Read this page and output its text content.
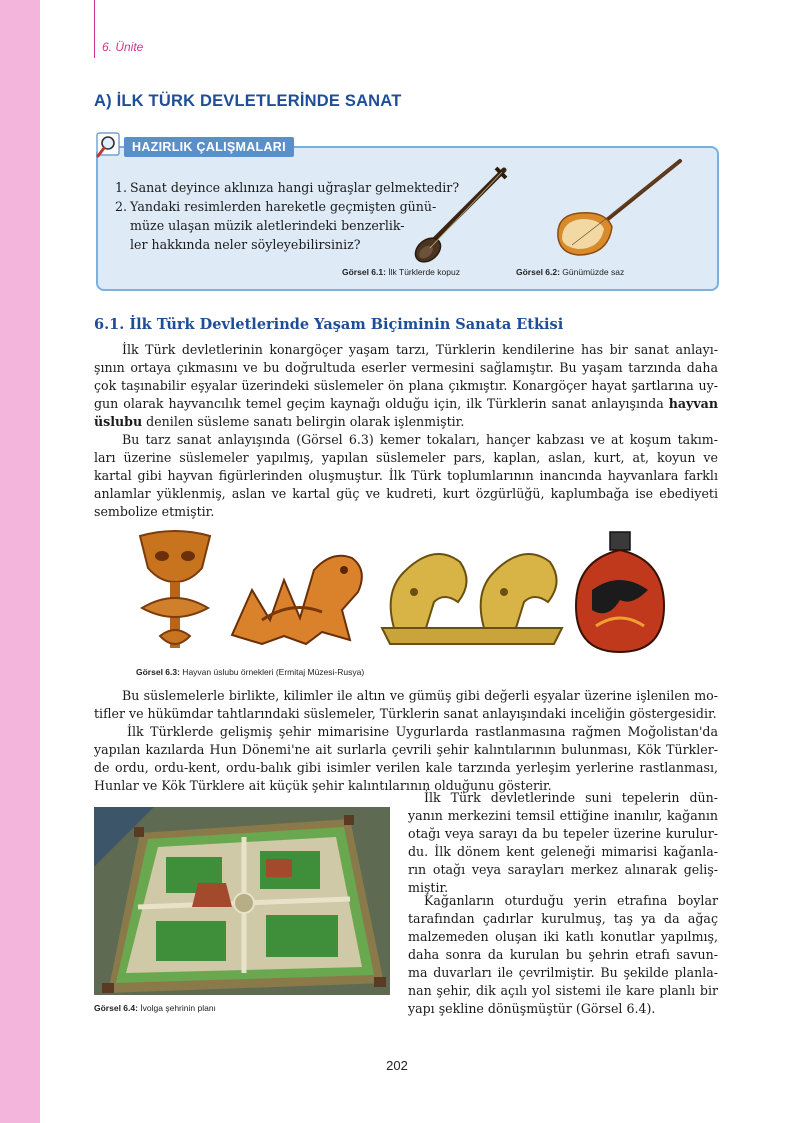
6. Ünite
A) İLK TÜRK DEVLETLERİNDE SANAT
HAZIRLIK ÇALIŞMALARI
1. Sanat deyince aklınıza hangi uğraşlar gelmektedir?
2. Yandaki resimlerden hareketle geçmişten günü-
müze ulaşan müzik aletlerindeki benzerlik-
ler hakkında neler söyleyebilirsiniz?
Görsel 6.1: İlk Türklerde kopuz	Görsel 6.2: Günümüzde saz
6.1. İlk Türk Devletlerinde Yaşam Biçiminin Sanata Etkisi
İlk Türk devletlerinin konargöçer yaşam tarzı, Türklerin kendilerine has bir sanat anlayı-
şının ortaya çıkmasını ve bu doğrultuda eserler vermesini sağlamıştır. Bu yaşam tarzında daha
çok taşınabilir eşyalar üzerindeki süslemeler ön plana çıkmıştır. Konargöçer hayat şartlarına uy-
gun olarak hayvancılık temel geçim kaynağı olduğu için, ilk Türklerin sanat anlayışında hayvan
üslubu denilen süsleme sanatı belirgin olarak işlenmiştir.
Bu tarz sanat anlayışında (Görsel 6.3) kemer tokaları, hançer kabzası ve at koşum takım-
ları üzerine süslemeler yapılmış, yapılan süslemeler pars, kaplan, aslan, kurt, at, koyun ve
kartal gibi hayvan figürlerinden oluşmuştur. İlk Türk toplumlarının inancında hayvanlara farklı
anlamlar yüklenmiş, aslan ve kartal güç ve kudreti, kurt özgürlüğü, kaplumbağa ise ebediyeti
sembolize etmiştir.
Görsel 6.3: Hayvan üslubu örnekleri (Ermitaj Müzesi-Rusya)
Bu süslemelerle birlikte, kilimler ile altın ve gümüş gibi değerli eşyalar üzerine işlenilen mo-
tifler ve hükümdar tahtlarındaki süslemeler, Türklerin sanat anlayışındaki inceliğin göstergesidir.
İlk Türklerde gelişmiş şehir mimarisine Uygurlarda rastlanmasına rağmen Moğolistan'da
yapılan kazılarda Hun Dönemi'ne ait surlarla çevrili şehir kalıntılarının bulunması, Kök Türkler-
de ordu, ordu-kent, ordu-balık gibi isimler verilen kale tarzında yerleşim yerlerine rastlanması,
Hunlar ve Kök Türklere ait küçük şehir kalıntılarının olduğunu gösterir.
Görsel 6.4: İvolga şehrinin planı
İlk Türk devletlerinde suni tepelerin dün-
yanın merkezini temsil ettiğine inanılır, kağanın
otağı veya sarayı da bu tepeler üzerine kurulur-
du. İlk dönem kent geleneği mimarisi kağanla-
rın otağı veya sarayları merkez alınarak geliş-
miştir.
Kağanların oturduğu yerin etrafına boylar
tarafından çadırlar kurulmuş, taş ya da ağaç
malzemeden oluşan iki katlı konutlar yapılmış,
daha sonra da kurulan bu şehrin etrafı savun-
ma duvarları ile çevrilmiştir. Bu şekilde planla-
nan şehir, dik açılı yol sistemi ile kare planlı bir
yapı şekline dönüşmüştür (Görsel 6.4).
202
